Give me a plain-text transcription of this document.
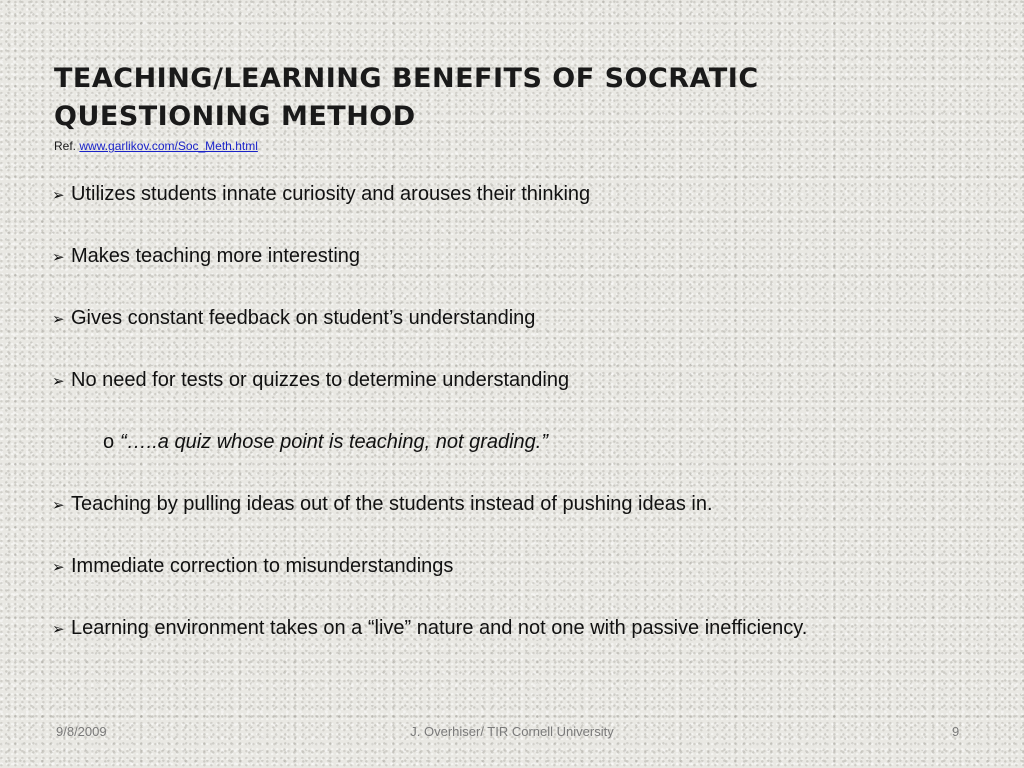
TEACHING/LEARNING BENEFITS OF SOCRATIC
QUESTIONING METHOD
Ref. www.garlikov.com/Soc_Meth.html
➢ Utilizes students innate curiosity and arouses their thinking
➢ Makes teaching more interesting
➢ Gives constant feedback on student’s understanding
➢ No need for tests or quizzes to determine understanding
o “…..a quiz whose point is teaching, not grading.”
➢ Teaching by pulling ideas out of the students instead of pushing ideas in.
➢ Immediate correction to misunderstandings
➢ Learning environment takes on a “live” nature and not one with passive inefficiency.
9/8/2009	J. Overhiser/ TIR Cornell University	9
